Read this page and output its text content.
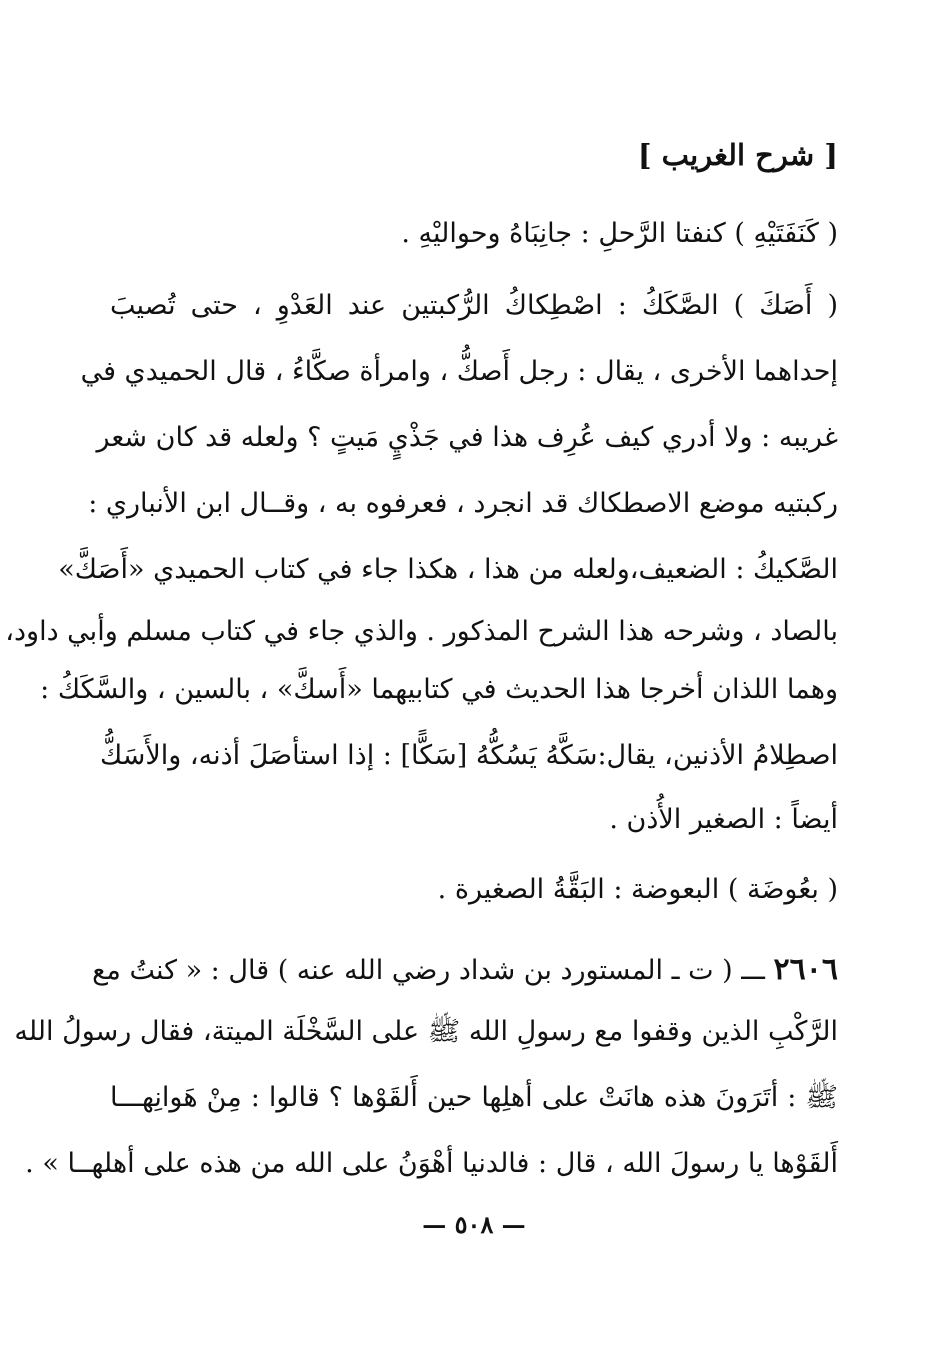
[ شرح الغريب ]
( كَنَفَتَيْهِ ) كنفتا الرَّحلِ : جانِبَاهُ وحواليْهِ .
( أَصَكَ ) الصَّكَكُ : اصْطِكاكُ الرُّكبتين عند العَدْوِ ، حتى تُصيبَ
إحداهما الأخرى ، يقال : رجل أَصكُّ ، وامرأة صكَّاءُ ، قال الحميدي في
غريبه : ولا أدري كيف عُرِف هذا في جَذْيٍ مَيتٍ ؟ ولعله قد كان شعر
ركبتيه موضع الاصطكاك قد انجرد ، فعرفوه به ، وقــال ابن الأنباري :
الصَّكيكُ : الضعيف،ولعله من هذا ، هكذا جاء في كتاب الحميدي «أَصَكَّ»
بالصاد ، وشرحه هذا الشرح المذكور . والذي جاء في كتاب مسلم وأبي داود،
وهما اللذان أخرجا هذا الحديث في كتابيهما «أَسكَّ» ، بالسين ، والسَّكَكُ :
اصطِلامُ الأذنين، يقال:سَكَّهُ يَسُكُّهُ [سَكًّا] : إذا استأصَلَ أذنه، والأَسَكُّ
أيضاً : الصغير الأُذن .
( بعُوضَة ) البعوضة : البَقَّةُ الصغيرة .
٢٦٠٦ ـــ ( ت ـ المستورد بن شداد رضي الله عنه ) قال : « كنتُ مع
الرَّكْبِ الذين وقفوا مع رسولِ الله ﷺ على السَّخْلَة الميتة، فقال رسولُ الله
ﷺ : أتَرَونَ هذه هانَتْ على أهلِها حين أَلقَوْها ؟ قالوا : مِنْ هَوانِهـــا
أَلقَوْها يا رسولَ الله ، قال : فالدنيا أهْوَنُ على الله من هذه على أهلهــا » .
— ٥٠٨ —
